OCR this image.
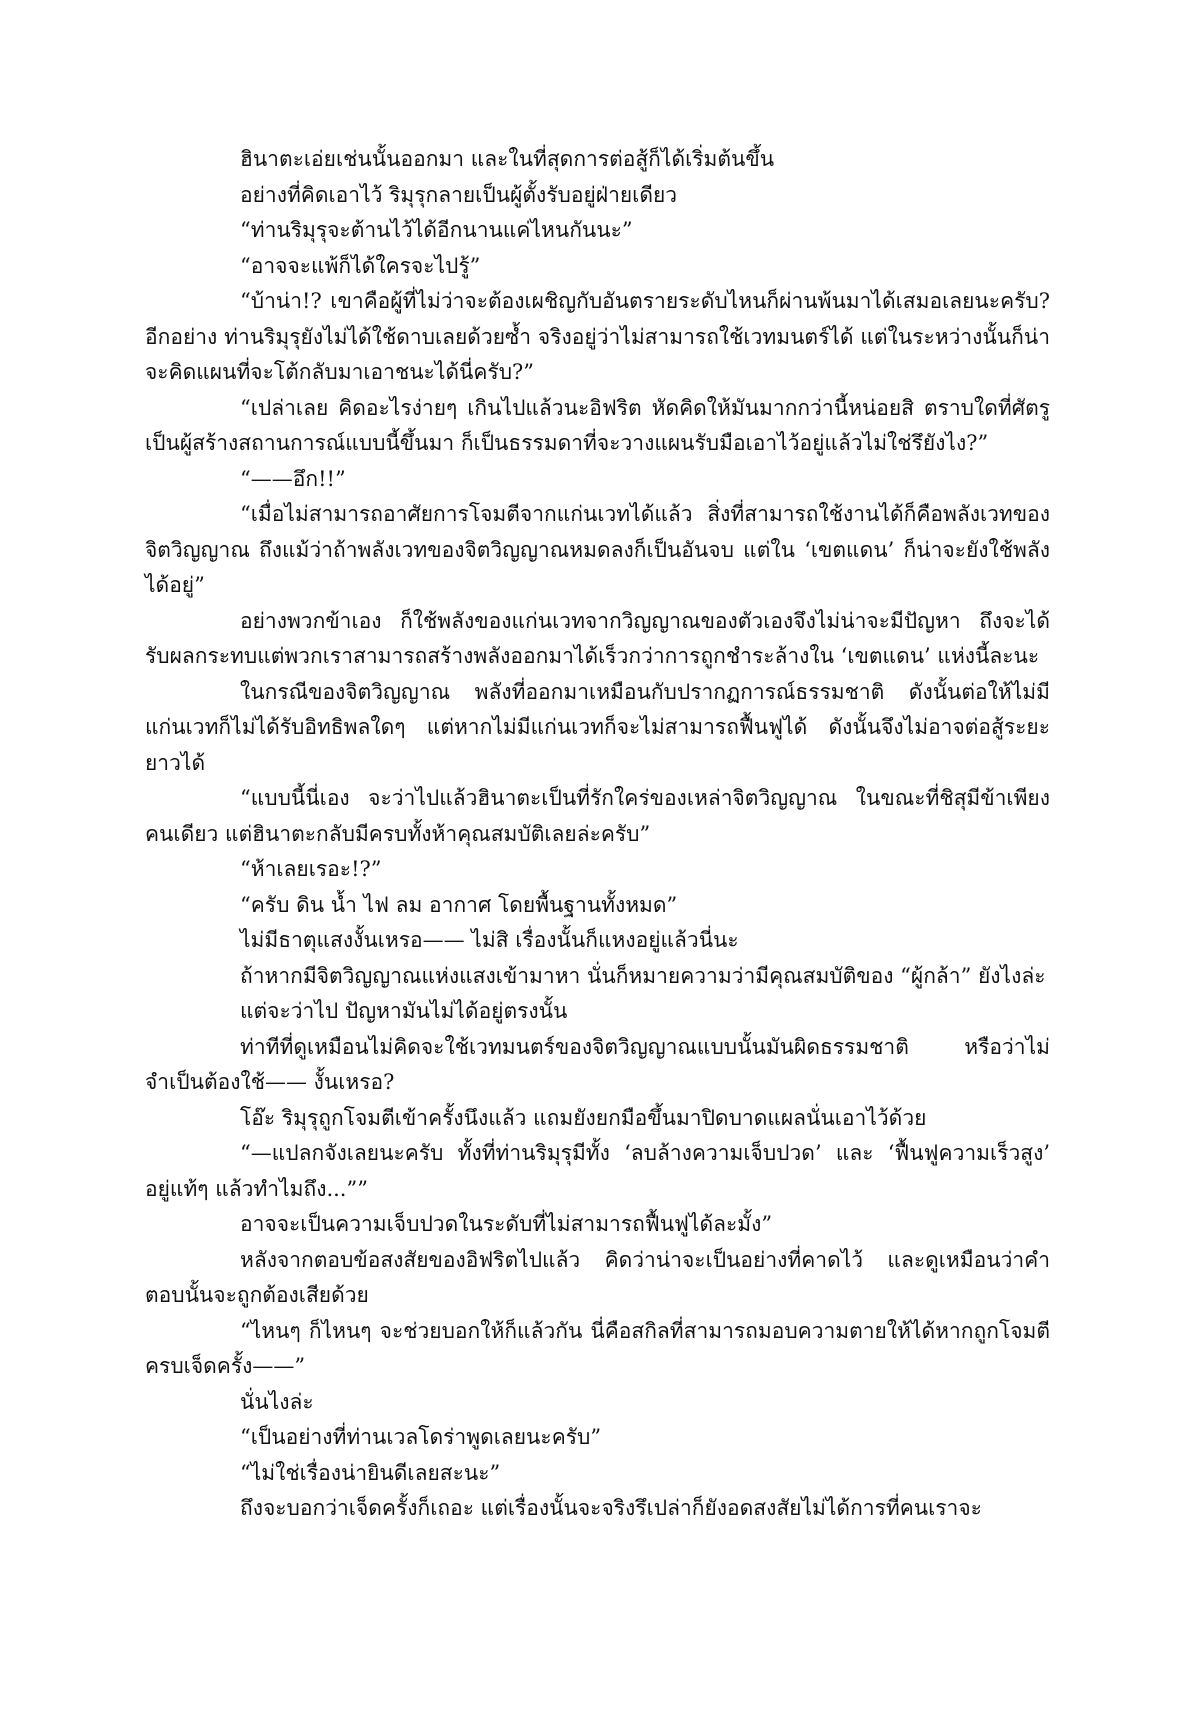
ฮินาตะเอ่ยเช่นนั้นออกมา และในที่สุดการต่อสู้ก็ได้เริ่มต้นขึ้น

อย่างที่คิดเอาไว้ ริมุรุกลายเป็นผู้ตั้งรับอยู่ฝ่ายเดียว

“ท่านริมุรุจะต้านไว้ได้อีกนานแค่ไหนกันนะ”

“อาจจะแพ้ก็ได้ใครจะไปรู้”

“บ้าน่า!? เขาคือผู้ที่ไม่ว่าจะต้องเผชิญกับอันตรายระดับไหนก็ผ่านพ้นมาได้เสมอเลยนะครับ? อีกอย่าง ท่านริมุรุยังไม่ได้ใช้ดาบเลยด้วยซ้ำ จริงอยู่ว่าไม่สามารถใช้เวทมนตร์ได้ แต่ในระหว่างนั้นก็น่าจะคิดแผนที่จะโต้กลับมาเอาชนะได้นี่ครับ?”

“เปล่าเลย คิดอะไรง่ายๆ เกินไปแล้วนะอิฟริต หัดคิดให้มันมากกว่านี้หน่อยสิ ตราบใดที่ศัตรูเป็นผู้สร้างสถานการณ์แบบนี้ขึ้นมา ก็เป็นธรรมดาที่จะวางแผนรับมือเอาไว้อยู่แล้วไม่ใช่รึยังไง?”

“——อึก!!”

“เมื่อไม่สามารถอาศัยการโจมตีจากแก่นเวทได้แล้ว สิ่งที่สามารถใช้งานได้ก็คือพลังเวทของจิตวิญญาณ ถึงแม้ว่าถ้าพลังเวทของจิตวิญญาณหมดลงก็เป็นอันจบ แต่ใน ‘เขตแดน’ ก็น่าจะยังใช้พลังได้อยู่”

อย่างพวกข้าเอง ก็ใช้พลังของแก่นเวทจากวิญญาณของตัวเองจึงไม่น่าจะมีปัญหา ถึงจะได้รับผลกระทบแต่พวกเราสามารถสร้างพลังออกมาได้เร็วกว่าการถูกชำระล้างใน ‘เขตแดน’ แห่งนี้ละนะ

ในกรณีของจิตวิญญาณ พลังที่ออกมาเหมือนกับปรากฏการณ์ธรรมชาติ ดังนั้นต่อให้ไม่มีแก่นเวทก็ไม่ได้รับอิทธิพลใดๆ แต่หากไม่มีแก่นเวทก็จะไม่สามารถฟื้นฟูได้ ดังนั้นจึงไม่อาจต่อสู้ระยะยาวได้

“แบบนี้นี่เอง จะว่าไปแล้วฮินาตะเป็นที่รักใคร่ของเหล่าจิตวิญญาณ ในขณะที่ชิสุมีข้าเพียงคนเดียว แต่ฮินาตะกลับมีครบทั้งห้าคุณสมบัติเลยล่ะครับ”

“ห้าเลยเรอะ!?”

“ครับ ดิน น้ำ ไฟ ลม อากาศ โดยพื้นฐานทั้งหมด”

ไม่มีธาตุแสงงั้นเหรอ—— ไม่สิ เรื่องนั้นก็แหงอยู่แล้วนี่นะ

ถ้าหากมีจิตวิญญาณแห่งแสงเข้ามาหา นั่นก็หมายความว่ามีคุณสมบัติของ “ผู้กล้า” ยังไงล่ะ

แต่จะว่าไป ปัญหามันไม่ได้อยู่ตรงนั้น

ท่าทีที่ดูเหมือนไม่คิดจะใช้เวทมนตร์ของจิตวิญญาณแบบนั้นมันผิดธรรมชาติ หรือว่าไม่จำเป็นต้องใช้—— งั้นเหรอ?

โอ๊ะ ริมุรุถูกโจมตีเข้าครั้งนึงแล้ว แถมยังยกมือขึ้นมาปิดบาดแผลนั่นเอาไว้ด้วย

“—แปลกจังเลยนะครับ ทั้งที่ท่านริมุรุมีทั้ง ‘ลบล้างความเจ็บปวด’ และ ‘ฟื้นฟูความเร็วสูง’ อยู่แท้ๆ แล้วทำไมถึง...””

อาจจะเป็นความเจ็บปวดในระดับที่ไม่สามารถฟื้นฟูได้ละมั้ง”

หลังจากตอบข้อสงสัยของอิฟริตไปแล้ว คิดว่าน่าจะเป็นอย่างที่คาดไว้ และดูเหมือนว่าคำตอบนั้นจะถูกต้องเสียด้วย

“ไหนๆ ก็ไหนๆ จะช่วยบอกให้ก็แล้วกัน นี่คือสกิลที่สามารถมอบความตายให้ได้หากถูกโจมตีครบเจ็ดครั้ง——”

นั่นไงล่ะ

“เป็นอย่างที่ท่านเวลโดร่าพูดเลยนะครับ”

“ไม่ใช่เรื่องน่ายินดีเลยสะนะ”

ถึงจะบอกว่าเจ็ดครั้งก็เถอะ แต่เรื่องนั้นจะจริงรึเปล่าก็ยังอดสงสัยไม่ได้การที่คนเราจะ
